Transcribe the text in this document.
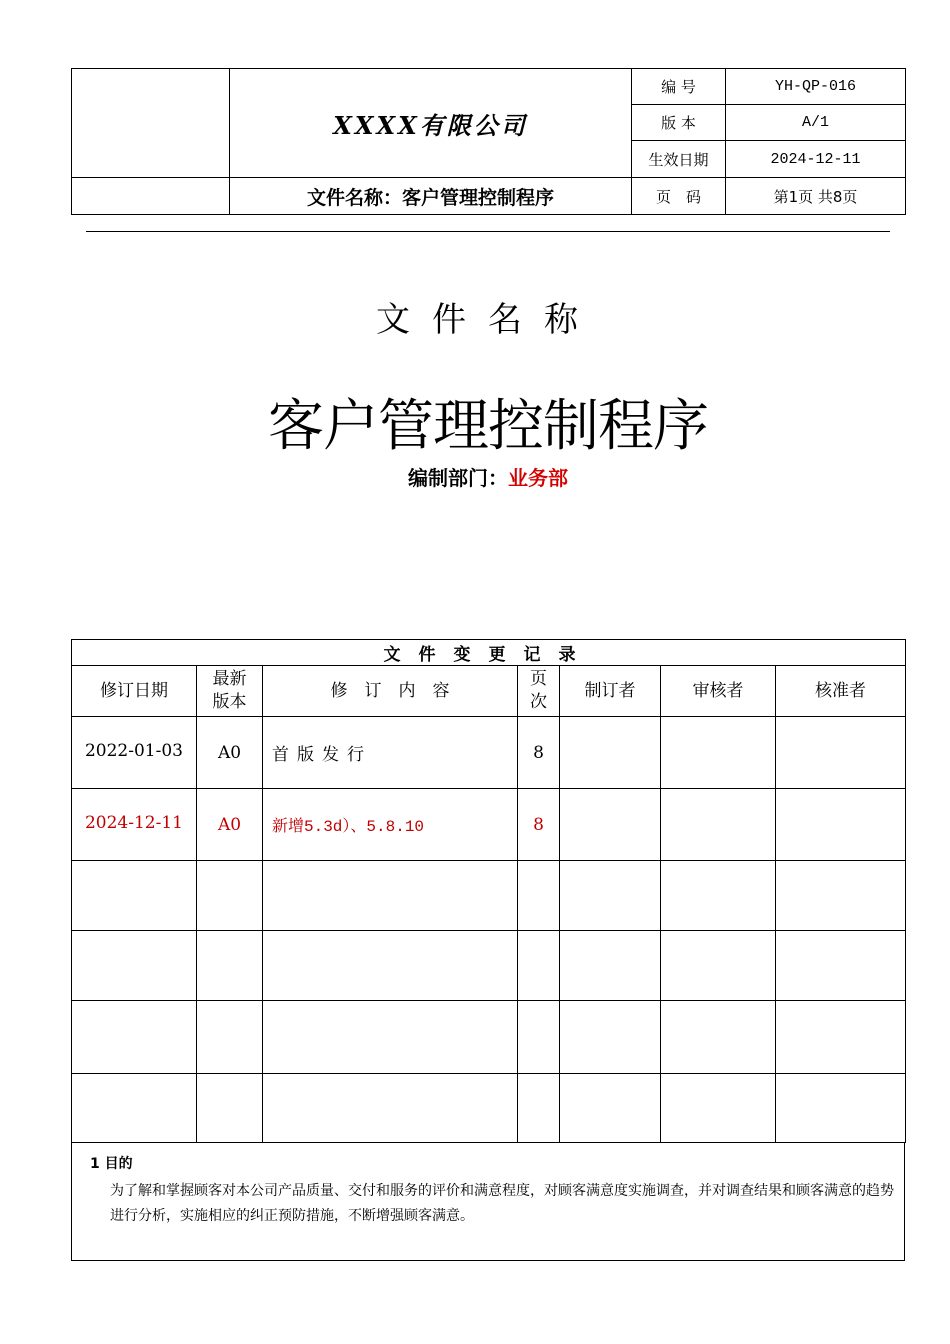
	XXXX有限公司	编 号	YH-QP-016
		版 本	A/1
		生效日期	2024-12-11
	文件名称：客户管理控制程序	页　码	第1页 共8页
文件名称
客户管理控制程序
编制部门：业务部
文件变更记录						
修订日期	最新版本	修　订　内　容	页次	制订者	审核者	核准者
2022-01-03	A0	首版发行	8			
2024-12-11	A0	新增5.3d）、5.8.10	8			

1 目的
为了解和掌握顾客对本公司产品质量、交付和服务的评价和满意程度，对顾客满意度实施调查，并对调查结果和顾客满意的趋势进行分析，实施相应的纠正预防措施，不断增强顾客满意。
